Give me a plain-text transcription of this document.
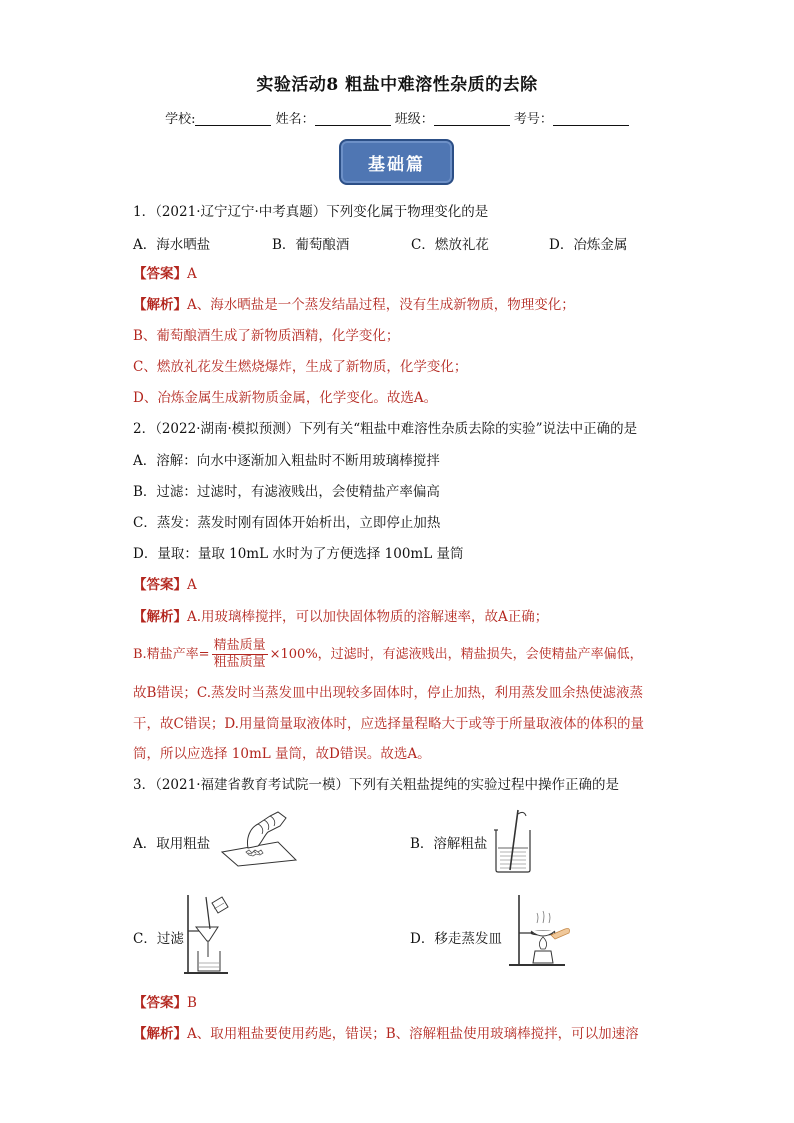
实验活动8 粗盐中难溶性杂质的去除
学校:	姓名：	班级：	考号：
基础篇
1．（2021·辽宁辽宁·中考真题）下列变化属于物理变化的是
A．海水晒盐	B．葡萄酿酒	C．燃放礼花	D．冶炼金属
【答案】A
【解析】A、海水晒盐是一个蒸发结晶过程，没有生成新物质，物理变化；
B、葡萄酿酒生成了新物质酒精，化学变化；
C、燃放礼花发生燃烧爆炸，生成了新物质，化学变化；
D、冶炼金属生成新物质金属，化学变化。故选A。
2．（2022·湖南·模拟预测）下列有关“粗盐中难溶性杂质去除的实验”说法中正确的是
A．溶解：向水中逐渐加入粗盐时不断用玻璃棒搅拌
B．过滤：过滤时，有滤液贱出，会使精盐产率偏高
C．蒸发：蒸发时刚有固体开始析出，立即停止加热
D．量取：量取 10mL 水时为了方便选择 100mL 量筒
【答案】A
【解析】A.用玻璃棒搅拌，可以加快固体物质的溶解速率，故A正确；
B.精盐产率= $\frac{\text{精盐质量}}{\text{粗盐质量}} \times 100\%$，过滤时，有滤液贱出，精盐损失，会使精盐产率偏低，
故B错误；C.蒸发时当蒸发皿中出现较多固体时，停止加热，利用蒸发皿余热使滤液蒸
干，故C错误；D.用量筒量取液体时，应选择量程略大于或等于所量取液体的体积的量
筒，所以应选择 10mL 量筒，故D错误。故选A。
3．（2021·福建省教育考试院一模）下列有关粗盐提纯的实验过程中操作正确的是
A．取用粗盐	B．溶解粗盐
C．过滤	D．移走蒸发皿
【答案】B
【解析】A、取用粗盐要使用药匙，错误；B、溶解粗盐使用玻璃棒搅拌，可以加速溶
